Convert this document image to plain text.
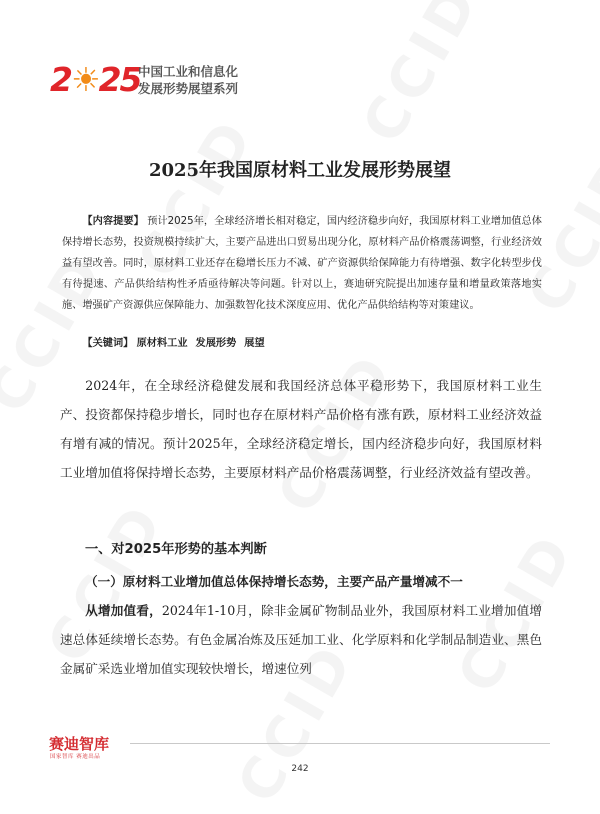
2☀25
中国工业和信息化
发展形势展望系列
2025年我国原材料工业发展形势展望

【内容提要】 预计2025年，全球经济增长相对稳定，国内经济稳步向好，我国原材料工业增加值总体保持增长态势，投资规模持续扩大，主要产品进出口贸易出现分化，原材料产品价格震荡调整，行业经济效益有望改善。同时，原材料工业还存在稳增长压力不减、矿产资源供给保障能力有待增强、数字化转型步伐有待提速、产品供给结构性矛盾亟待解决等问题。针对以上，赛迪研究院提出加速存量和增量政策落地实施、增强矿产资源供应保障能力、加强数智化技术深度应用、优化产品供给结构等对策建议。

【关键词】 原材料工业 发展形势 展望

2024年，在全球经济稳健发展和我国经济总体平稳形势下，我国原材料工业生产、投资都保持稳步增长，同时也存在原材料产品价格有涨有跌，原材料工业经济效益有增有减的情况。预计2025年，全球经济稳定增长，国内经济稳步向好，我国原材料工业增加值将保持增长态势，主要原材料产品价格震荡调整，行业经济效益有望改善。

一、对2025年形势的基本判断
（一）原材料工业增加值总体保持增长态势，主要产品产量增减不一

从增加值看，2024年1-10月，除非金属矿物制品业外，我国原材料工业增加值增速总体延续增长态势。有色金属冶炼及压延加工业、化学原料和化学制品制造业、黑色金属矿采选业增加值实现较快增长，增速位列

赛迪智库
国家智库 赛迪出品
242
